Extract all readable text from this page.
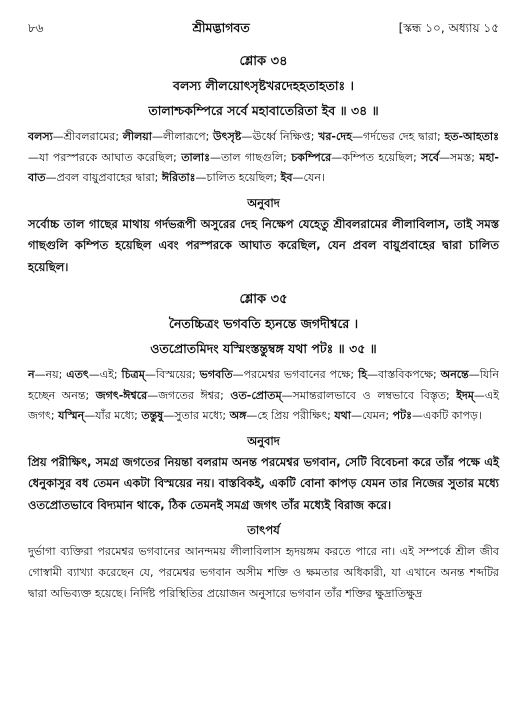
৮৬	শ্রীমদ্ভাগবত	[স্কন্ধ ১০, অধ্যায় ১৫
শ্লোক ৩৪
বলস্য লীলয়োৎসৃষ্টখরদেহহতাহতাঃ ।
তালাশ্চকম্পিরে সর্বে মহাবাতেরিতা ইব ॥ ৩৪ ॥
বলস্য—শ্রীবলরামের; লীলয়া—লীলারূপে; উৎসৃষ্ট—ঊর্ধ্বে নিক্ষিপ্ত; খর-দেহ—গর্দভের দেহ দ্বারা; হত-আহতাঃ—যা পরস্পরকে আঘাত করেছিল; তালাঃ—তাল গাছগুলি; চকম্পিরে—কম্পিত হয়েছিল; সর্বে—সমস্ত; মহা-বাত—প্রবল বায়ুপ্রবাহের দ্বারা; ঈরিতাঃ—চালিত হয়েছিল; ইব—যেন।
অনুবাদ
সর্বোচ্চ তাল গাছের মাথায় গর্দভরূপী অসুরের দেহ নিক্ষেপ যেহেতু শ্রীবলরামের লীলাবিলাস, তাই সমস্ত গাছগুলি কম্পিত হয়েছিল এবং পরস্পরকে আঘাত করেছিল, যেন প্রবল বায়ুপ্রবাহের দ্বারা চালিত হয়েছিল।
শ্লোক ৩৫
নৈতচ্চিত্রং ভগবতি হ্যনন্তে জগদীশ্বরে ।
ওতপ্রোতমিদং যস্মিংস্তন্তুম্বঙ্গ যথা পটঃ ॥ ৩৫ ॥
ন—নয়; এতৎ—এই; চিত্রম্—বিস্ময়ের; ভগবতি—পরমেশ্বর ভগবানের পক্ষে; হি—বাস্তবিকপক্ষে; অনন্তে—যিনি হচ্ছেন অনন্ত; জগৎ-ঈশ্বরে—জগতের ঈশ্বর; ওত-প্রোতম্—সমান্তরালভাবে ও লম্বভাবে বিস্তৃত; ইদম্—এই জগৎ; যস্মিন্—যাঁর মধ্যে; তন্তুষু—সুতার মধ্যে; অঙ্গ—হে প্রিয় পরীক্ষিৎ; যথা—যেমন; পটঃ—একটি কাপড়।
অনুবাদ
প্রিয় পরীক্ষিৎ, সমগ্র জগতের নিয়ন্তা বলরাম অনন্ত পরমেশ্বর ভগবান, সেটি বিবেচনা করে তাঁর পক্ষে এই ধেনুকাসুর বধ তেমন একটা বিস্ময়ের নয়। বাস্তবিকই, একটি বোনা কাপড় যেমন তার নিজের সুতার মধ্যে ওতপ্রোতভাবে বিদ্যমান থাকে, ঠিক তেমনই সমগ্র জগৎ তাঁর মধ্যেই বিরাজ করে।
তাৎপর্য
দুর্ভাগা ব্যক্তিরা পরমেশ্বর ভগবানের আনন্দময় লীলাবিলাস হৃদয়ঙ্গম করতে পারে না। এই সম্পর্কে শ্রীল জীব গোস্বামী ব্যাখ্যা করেছেন যে, পরমেশ্বর ভগবান অসীম শক্তি ও ক্ষমতার অধিকারী, যা এখানে অনন্ত শব্দটির দ্বারা অভিব্যক্ত হয়েছে। নির্দিষ্ট পরিস্থিতির প্রয়োজন অনুসারে ভগবান তাঁর শক্তির ক্ষুদ্রাতিক্ষুদ্র
